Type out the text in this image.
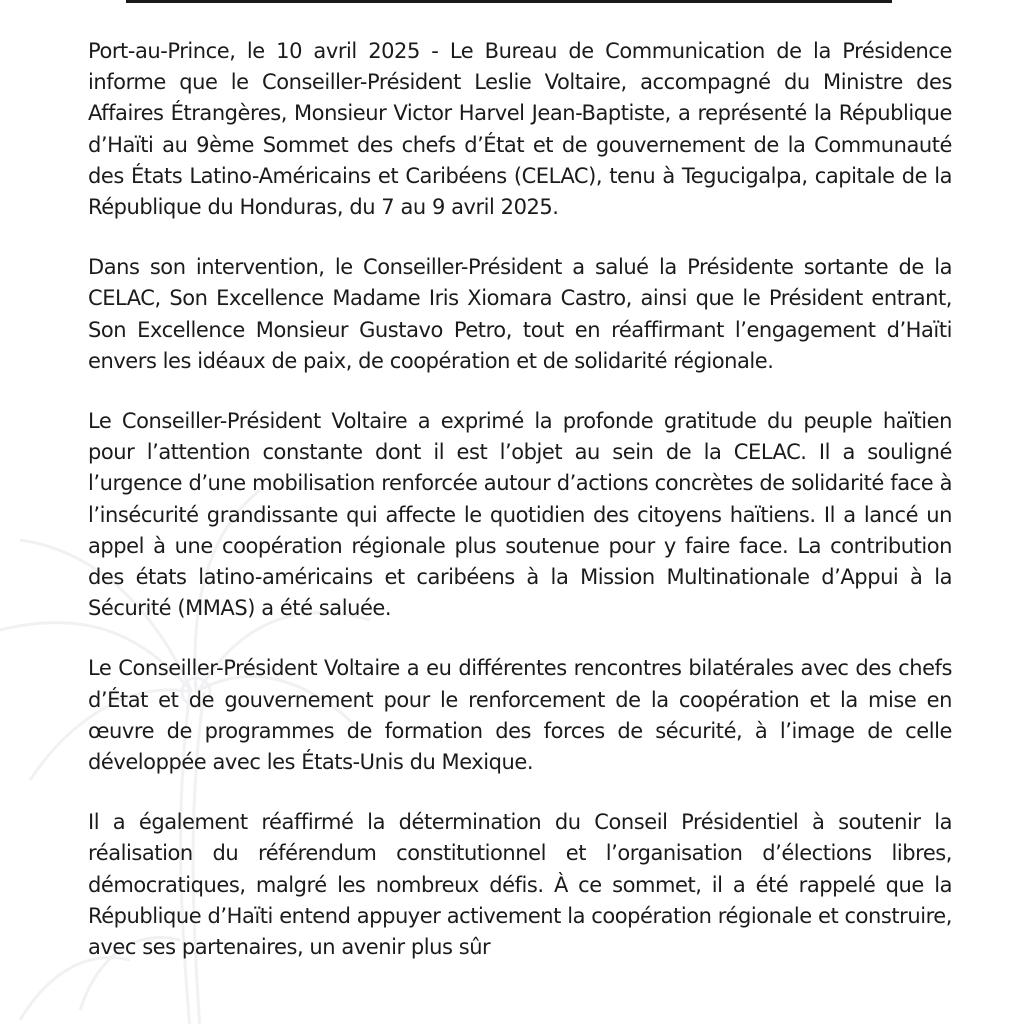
Port-au-Prince, le 10 avril 2025 - Le Bureau de Communication de la Présidence informe que le Conseiller-Président Leslie Voltaire, accompagné du Ministre des Affaires Étrangères, Monsieur Victor Harvel Jean-Baptiste, a représenté la République d’Haïti au 9ème Sommet des chefs d’État et de gouvernement de la Communauté des États Latino-Américains et Caribéens (CELAC), tenu à Tegucigalpa, capitale de la République du Honduras, du 7 au 9 avril 2025.

Dans son intervention, le Conseiller-Président a salué la Présidente sortante de la CELAC, Son Excellence Madame Iris Xiomara Castro, ainsi que le Président entrant, Son Excellence Monsieur Gustavo Petro, tout en réaffirmant l’engagement d’Haïti envers les idéaux de paix, de coopération et de solidarité régionale.

Le Conseiller-Président Voltaire a exprimé la profonde gratitude du peuple haïtien pour l’attention constante dont il est l’objet au sein de la CELAC. Il a souligné l’urgence d’une mobilisation renforcée autour d’actions concrètes de solidarité face à l’insécurité grandissante qui affecte le quotidien des citoyens haïtiens. Il a lancé un appel à une coopération régionale plus soutenue pour y faire face. La contribution des états latino-américains et caribéens à la Mission Multinationale d’Appui à la Sécurité (MMAS) a été saluée.

Le Conseiller-Président Voltaire a eu différentes rencontres bilatérales avec des chefs d’État et de gouvernement pour le renforcement de la coopération et la mise en œuvre de programmes de formation des forces de sécurité, à l’image de celle développée avec les États-Unis du Mexique.

Il a également réaffirmé la détermination du Conseil Présidentiel à soutenir la réalisation du référendum constitutionnel et l’organisation d’élections libres, démocratiques, malgré les nombreux défis. À ce sommet, il a été rappelé que la République d’Haïti entend appuyer activement la coopération régionale et construire, avec ses partenaires, un avenir plus sûr
